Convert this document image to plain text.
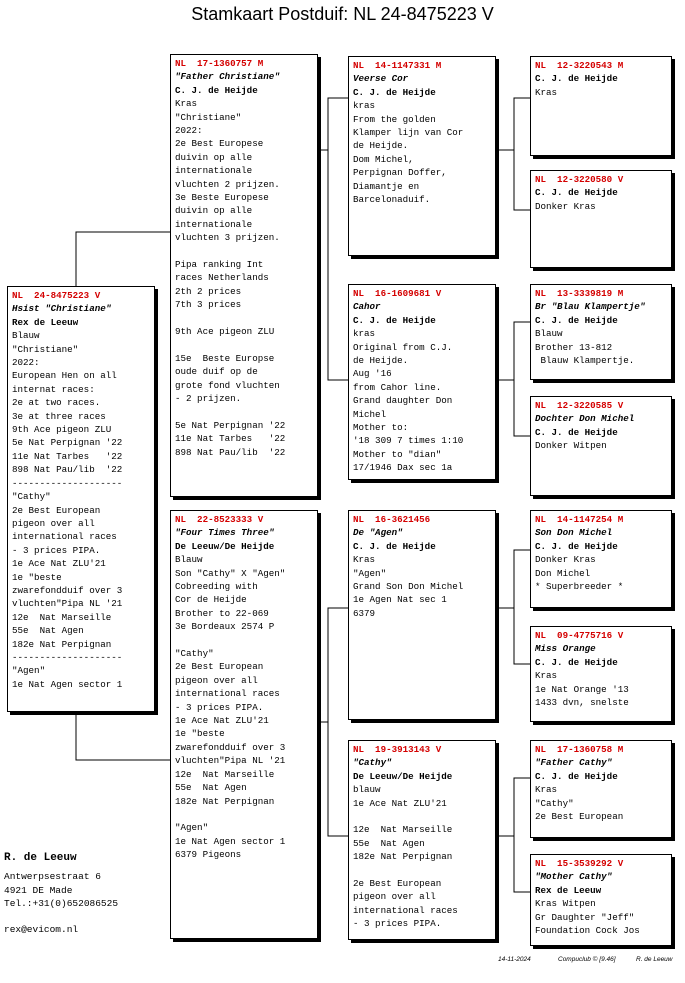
Stamkaart Postduif: NL 24-8475223 V
NL  24-8475223 V
Hsist "Christiane"
Rex de Leeuw
Blauw
"Christiane"
2022:
European Hen on all
internat races:
2e at two races.
3e at three races
9th Ace pigeon ZLU
5e Nat Perpignan '22
11e Nat Tarbes   '22
898 Nat Pau/lib  '22
--------------------
"Cathy"
2e Best European
pigeon over all
international races
- 3 prices PIPA.
1e Ace Nat ZLU'21
1e "beste
zwarefondduif over 3
vluchten"Pipa NL '21
12e  Nat Marseille
55e  Nat Agen
182e Nat Perpignan
--------------------
"Agen"
1e Nat Agen sector 1
NL  17-1360757 M
"Father Christiane"
C. J. de Heijde
Kras
"Christiane"
2022:
2e Best Europese
duivin op alle
internationale
vluchten 2 prijzen.
3e Beste Europese
duivin op alle
internationale
vluchten 3 prijzen.
Pipa ranking Int
races Netherlands
2th 2 prices
7th 3 prices
9th Ace pigeon ZLU
15e  Beste Europse
oude duif op de
grote fond vluchten
- 2 prijzen.
5e Nat Perpignan '22
11e Nat Tarbes   '22
898 Nat Pau/lib  '22
NL  22-8523333 V
"Four Times Three"
De Leeuw/De Heijde
Blauw
Son "Cathy" X "Agen"
Cobreeding with
Cor de Heijde
Brother to 22-069
3e Bordeaux 2574 P
"Cathy"
2e Best European
pigeon over all
international races
- 3 prices PIPA.
1e Ace Nat ZLU'21
1e "beste
zwarefondduif over 3
vluchten"Pipa NL '21
12e  Nat Marseille
55e  Nat Agen
182e Nat Perpignan
"Agen"
1e Nat Agen sector 1
6379 Pigeons
NL  14-1147331 M
Veerse Cor
C. J. de Heijde
kras
From the golden
Klamper lijn van Cor
de Heijde.
Dom Michel,
Perpignan Doffer,
Diamantje en
Barcelonaduif.
NL  16-1609681 V
Cahor
C. J. de Heijde
kras
Original from C.J.
de Heijde.
Aug '16
from Cahor line.
Grand daughter Don
Michel
Mother to:
'18 309 7 times 1:10
Mother to "dian"
17/1946 Dax sec 1a
NL  16-3621456
De "Agen"
C. J. de Heijde
Kras
"Agen"
Grand Son Don Michel
1e Agen Nat sec 1
6379
NL  19-3913143 V
"Cathy"
De Leeuw/De Heijde
blauw
1e Ace Nat ZLU'21
12e  Nat Marseille
55e  Nat Agen
182e Nat Perpignan
2e Best European
pigeon over all
international races
- 3 prices PIPA.
NL  12-3220543 M
C. J. de Heijde
Kras
NL  12-3220580 V
C. J. de Heijde
Donker Kras
NL  13-3339819 M
Br "Blau Klampertje"
C. J. de Heijde
Blauw
Brother 13-812
Blauw Klampertje.
NL  12-3220585 V
Dochter Don Michel
C. J. de Heijde
Donker Witpen
NL  14-1147254 M
Son Don Michel
C. J. de Heijde
Donker Kras
Don Michel
* Superbreeder *
NL  09-4775716 V
Miss Orange
C. J. de Heijde
Kras
1e Nat Orange '13
1433 dvn, snelste
NL  17-1360758 M
"Father Cathy"
C. J. de Heijde
Kras
"Cathy"
2e Best European
NL  15-3539292 V
"Mother Cathy"
Rex de Leeuw
Kras Witpen
Gr Daughter "Jeff"
Foundation Cock Jos
R. de Leeuw
Antwerpsestraat 6
4921 DE Made
Tel.:+31(0)652086525
rex@evicom.nl
14-11-2024	Compuclub © [9.46]	R. de Leeuw
